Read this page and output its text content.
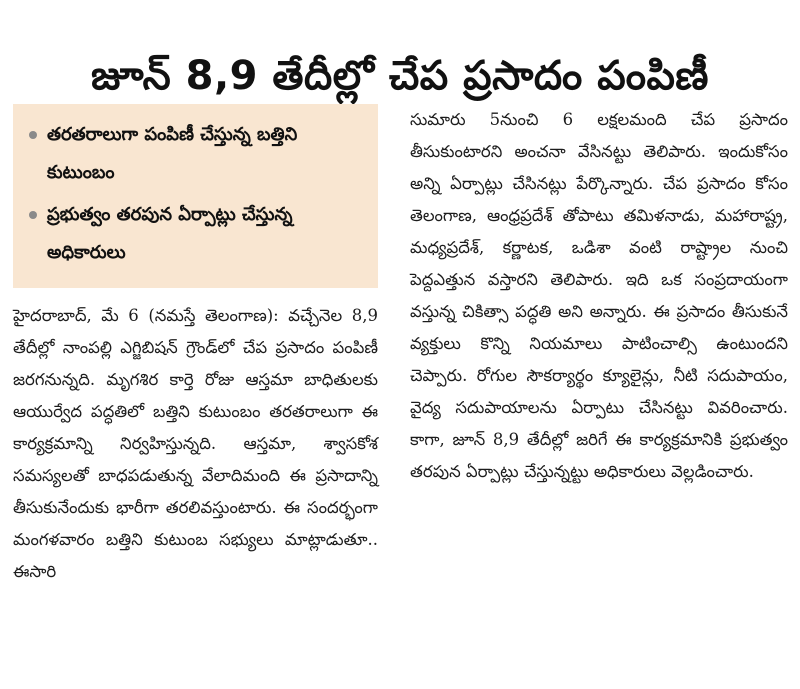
జూన్ 8,9 తేదీల్లో చేప ప్రసాదం పంపిణీ
తరతరాలుగా పంపిణీ చేస్తున్న బత్తిని కుటుంబం
ప్రభుత్వం తరపున ఏర్పాట్లు చేస్తున్న అధికారులు

హైదరాబాద్, మే 6 (నమస్తే తెలంగాణ): వచ్చేనెల 8,9 తేదీల్లో నాంపల్లి ఎగ్జిబిషన్ గ్రౌండ్‌లో చేప ప్రసాదం పంపిణీ జరగనున్నది. మృగశిర కార్తె రోజు ఆస్తమా బాధితులకు ఆయుర్వేద పద్ధతిలో బత్తిని కుటుంబం తరతరాలుగా ఈ కార్యక్రమాన్ని నిర్వహిస్తున్నది. ఆస్తమా, శ్వాసకోశ సమస్యలతో బాధపడుతున్న వేలాదిమంది ఈ ప్రసాదాన్ని తీసుకునేందుకు భారీగా తరలివస్తుంటారు. ఈ సందర్భంగా మంగళవారం బత్తిని కుటుంబ సభ్యులు మాట్లాడుతూ.. ఈసారి

సుమారు 5నుంచి 6 లక్షలమంది చేప ప్రసాదం తీసుకుంటారని అంచనా వేసినట్టు తెలిపారు. ఇందుకోసం అన్ని ఏర్పాట్లు చేసినట్లు పేర్కొన్నారు. చేప ప్రసాదం కోసం తెలంగాణ, ఆంధ్రప్రదేశ్ తోపాటు తమిళనాడు, మహారాష్ట్ర, మధ్యప్రదేశ్, కర్ణాటక, ఒడిశా వంటి రాష్ట్రాల నుంచి పెద్దఎత్తున వస్తారని తెలిపారు. ఇది ఒక సంప్రదాయంగా వస్తున్న చికిత్సా పద్ధతి అని అన్నారు. ఈ ప్రసాదం తీసుకునే వ్యక్తులు కొన్ని నియమాలు పాటించాల్సి ఉంటుందని చెప్పారు. రోగుల సౌకర్యార్థం క్యూలైన్లు, నీటి సదుపాయం, వైద్య సదుపాయాలను ఏర్పాటు చేసినట్టు వివరించారు. కాగా, జూన్ 8,9 తేదీల్లో జరిగే ఈ కార్యక్రమానికి ప్రభుత్వం తరపున ఏర్పాట్లు చేస్తున్నట్టు అధికారులు వెల్లడించారు.
